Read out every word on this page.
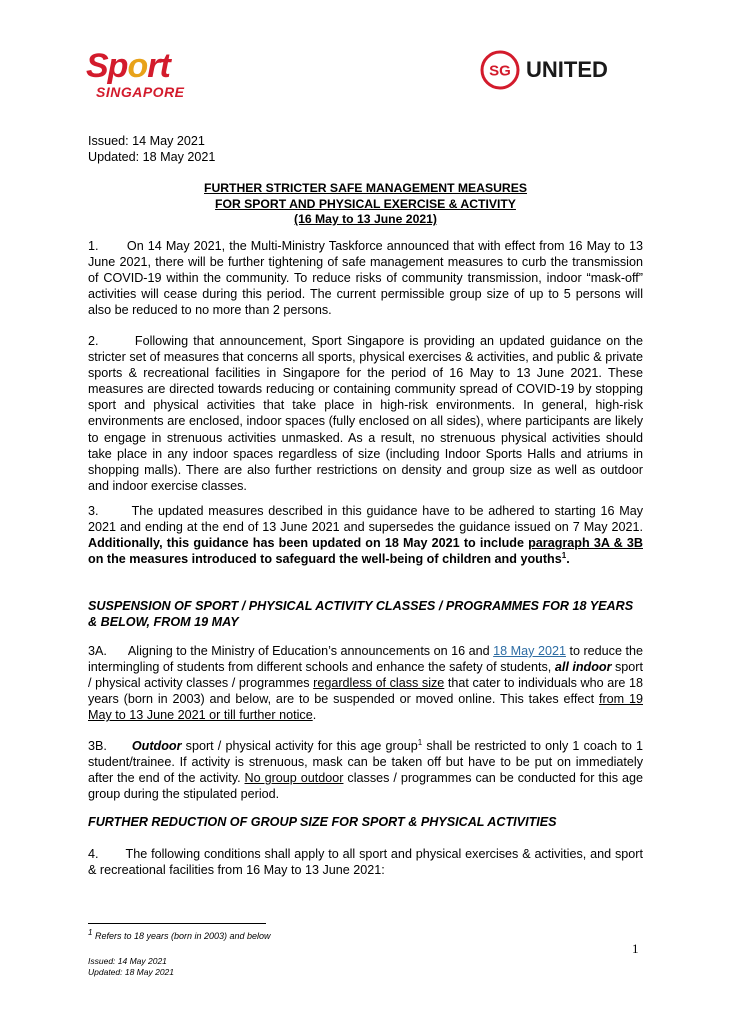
Sport
SINGAPORE
SG UNITED
Issued: 14 May 2021
Updated: 18 May 2021
FURTHER STRICTER SAFE MANAGEMENT MEASURES
FOR SPORT AND PHYSICAL EXERCISE & ACTIVITY
(16 May to 13 June 2021)
1.       On 14 May 2021, the Multi-Ministry Taskforce announced that with effect from 16 May to 13 June 2021, there will be further tightening of safe management measures to curb the transmission of COVID-19 within the community. To reduce risks of community transmission, indoor “mask-off” activities will cease during this period. The current permissible group size of up to 5 persons will also be reduced to no more than 2 persons.
2.       Following that announcement, Sport Singapore is providing an updated guidance on the stricter set of measures that concerns all sports, physical exercises & activities, and public & private sports & recreational facilities in Singapore for the period of 16 May to 13 June 2021. These measures are directed towards reducing or containing community spread of COVID-19 by stopping sport and physical activities that take place in high-risk environments. In general, high-risk environments are enclosed, indoor spaces (fully enclosed on all sides), where participants are likely to engage in strenuous activities unmasked. As a result, no strenuous physical activities should take place in any indoor spaces regardless of size (including Indoor Sports Halls and atriums in shopping malls). There are also further restrictions on density and group size as well as outdoor and indoor exercise classes.
3.       The updated measures described in this guidance have to be adhered to starting 16 May 2021 and ending at the end of 13 June 2021 and supersedes the guidance issued on 7 May 2021. Additionally, this guidance has been updated on 18 May 2021 to include paragraph 3A & 3B on the measures introduced to safeguard the well-being of children and youths$^1$.
SUSPENSION OF SPORT / PHYSICAL ACTIVITY CLASSES / PROGRAMMES FOR 18 YEARS & BELOW, FROM 19 MAY
3A.      Aligning to the Ministry of Education’s announcements on 16 and 18 May 2021 to reduce the intermingling of students from different schools and enhance the safety of students, all indoor sport / physical activity classes / programmes regardless of class size that cater to individuals who are 18 years (born in 2003) and below, are to be suspended or moved online. This takes effect from 19 May to 13 June 2021 or till further notice.
3B.      Outdoor sport / physical activity for this age group$^1$ shall be restricted to only 1 coach to 1 student/trainee. If activity is strenuous, mask can be taken off but have to be put on immediately after the end of the activity. No group outdoor classes / programmes can be conducted for this age group during the stipulated period.
FURTHER REDUCTION OF GROUP SIZE FOR SPORT & PHYSICAL ACTIVITIES
4.       The following conditions shall apply to all sport and physical exercises & activities, and sport & recreational facilities from 16 May to 13 June 2021:
$^1$ Refers to 18 years (born in 2003) and below
1
Issued: 14 May 2021
Updated: 18 May 2021
